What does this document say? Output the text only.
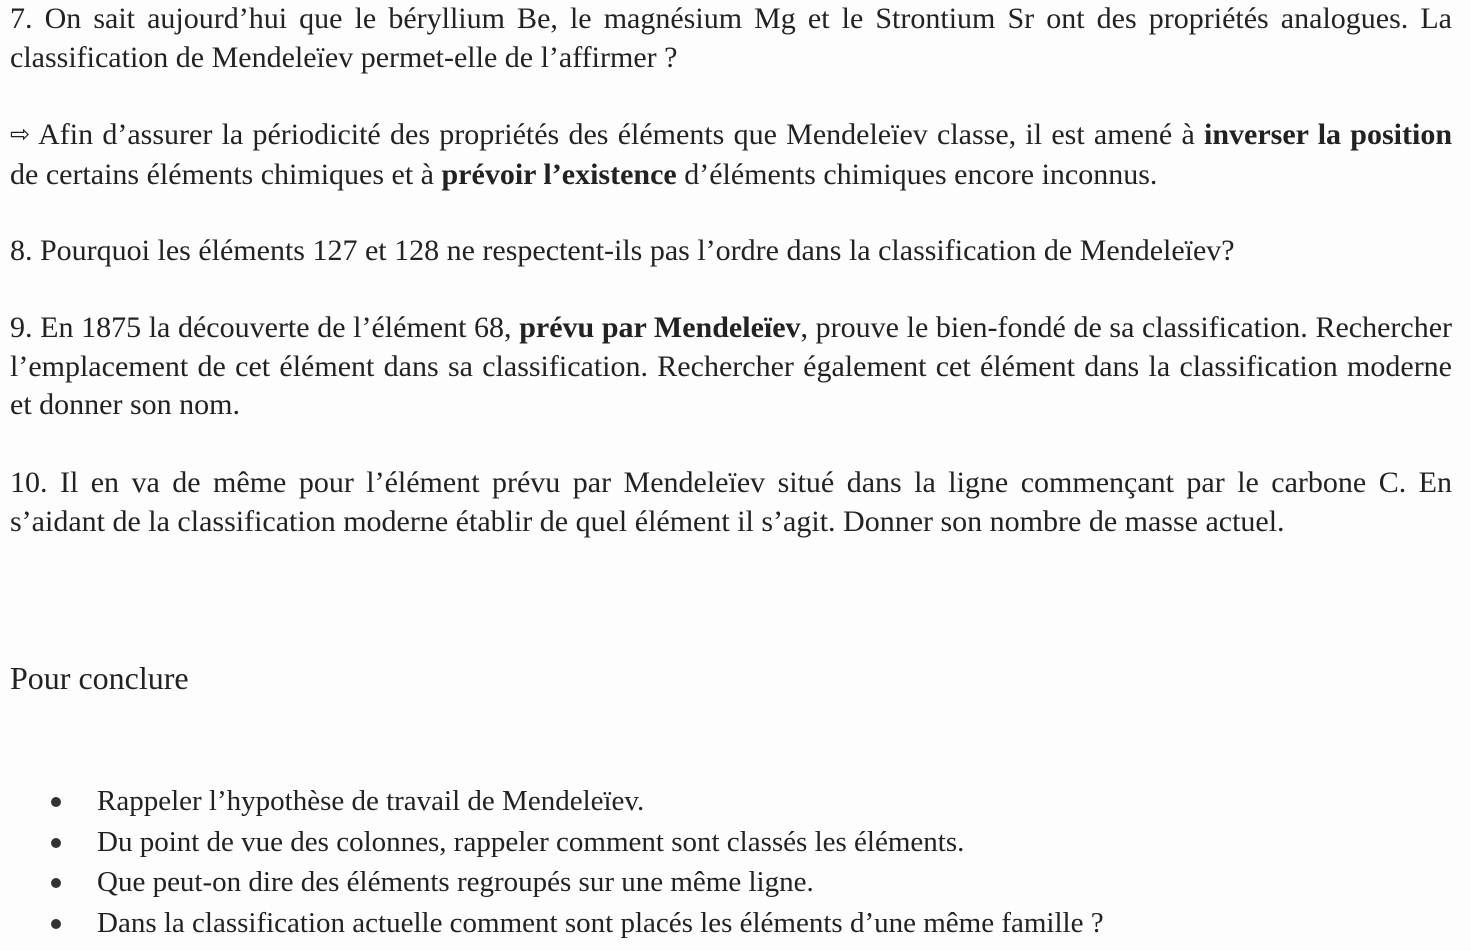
7. On sait aujourd’hui que le béryllium Be, le magnésium Mg et le Strontium Sr ont des propriétés analogues. La classification de Mendeleïev permet-elle de l’affirmer ?

⇨ Afin d’assurer la périodicité des propriétés des éléments que Mendeleïev classe, il est amené à inverser la position de certains éléments chimiques et à prévoir l’existence d’éléments chimiques encore inconnus.

8. Pourquoi les éléments 127 et 128 ne respectent-ils pas l’ordre dans la classification de Mendeleïev?

9. En 1875 la découverte de l’élément 68, prévu par Mendeleïev, prouve le bien-fondé de sa classification. Rechercher l’emplacement de cet élément dans sa classification. Rechercher également cet élément dans la classification moderne et donner son nom.

10. Il en va de même pour l’élément prévu par Mendeleïev situé dans la ligne commençant par le carbone C. En s’aidant de la classification moderne établir de quel élément il s’agit. Donner son nombre de masse actuel.

Pour conclure
Rappeler l’hypothèse de travail de Mendeleïev.
Du point de vue des colonnes, rappeler comment sont classés les éléments.
Que peut-on dire des éléments regroupés sur une même ligne.
Dans la classification actuelle comment sont placés les éléments d’une même famille ?
